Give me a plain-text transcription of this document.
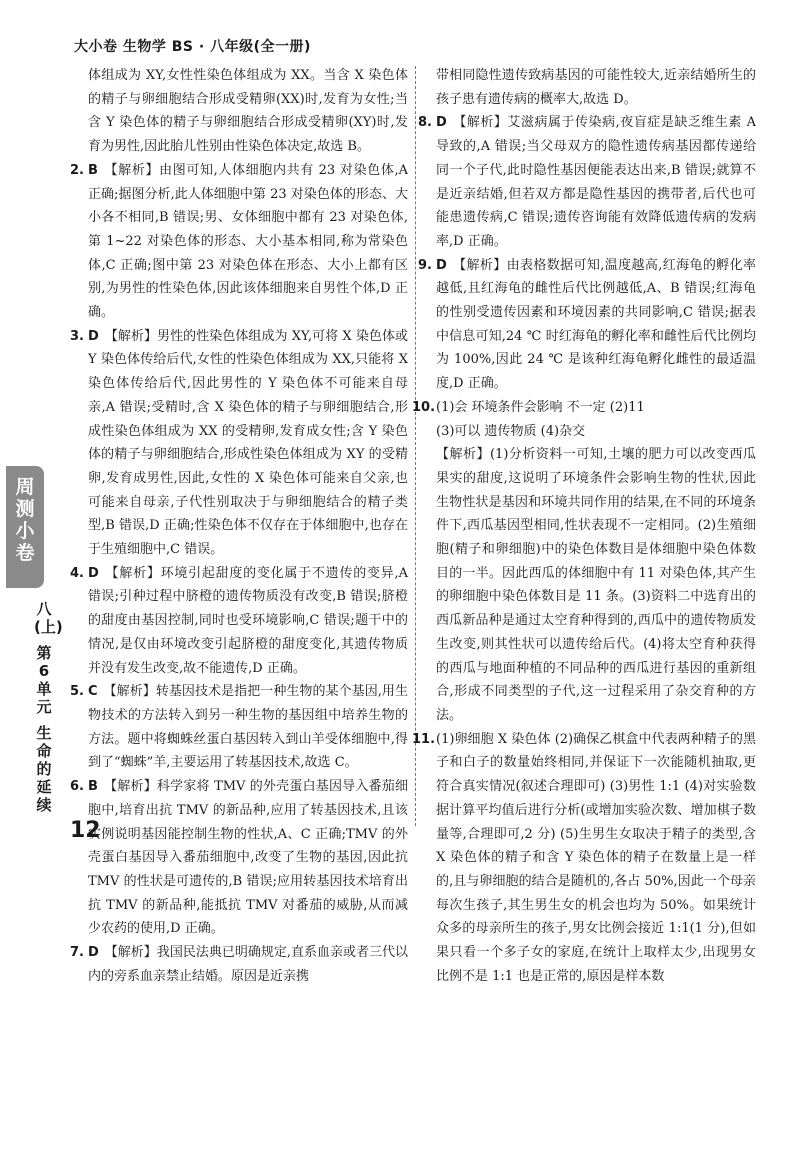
大小卷 生物学 BS · 八年级(全一册)
周测小卷
八(上)
第6单元
生命的延续

体组成为 XY,女性性染色体组成为 XX。当含 X 染色体的精子与卵细胞结合形成受精卵(XX)时,发育为女性;当含 Y 染色体的精子与卵细胞结合形成受精卵(XY)时,发育为男性,因此胎儿性别由性染色体决定,故选 B。

2. B 【解析】由图可知,人体细胞内共有 23 对染色体,A 正确;据图分析,此人体细胞中第 23 对染色体的形态、大小各不相同,B 错误;男、女体细胞中都有 23 对染色体,第 1~22 对染色体的形态、大小基本相同,称为常染色体,C 正确;图中第 23 对染色体在形态、大小上都有区别,为男性的性染色体,因此该体细胞来自男性个体,D 正确。

3. D 【解析】男性的性染色体组成为 XY,可将 X 染色体或 Y 染色体传给后代,女性的性染色体组成为 XX,只能将 X 染色体传给后代,因此男性的 Y 染色体不可能来自母亲,A 错误;受精时,含 X 染色体的精子与卵细胞结合,形成性染色体组成为 XX 的受精卵,发育成女性;含 Y 染色体的精子与卵细胞结合,形成性染色体组成为 XY 的受精卵,发育成男性,因此,女性的 X 染色体可能来自父亲,也可能来自母亲,子代性别取决于与卵细胞结合的精子类型,B 错误,D 正确;性染色体不仅存在于体细胞中,也存在于生殖细胞中,C 错误。

4. D 【解析】环境引起甜度的变化属于不遗传的变异,A 错误;引种过程中脐橙的遗传物质没有改变,B 错误;脐橙的甜度由基因控制,同时也受环境影响,C 错误;题干中的情况,是仅由环境改变引起脐橙的甜度变化,其遗传物质并没有发生改变,故不能遗传,D 正确。

5. C 【解析】转基因技术是指把一种生物的某个基因,用生物技术的方法转入到另一种生物的基因组中培养生物的方法。题中将蜘蛛丝蛋白基因转入到山羊受体细胞中,得到了“蜘蛛”羊,主要运用了转基因技术,故选 C。

6. B 【解析】科学家将 TMV 的外壳蛋白基因导入番茄细胞中,培育出抗 TMV 的新品种,应用了转基因技术,且该实例说明基因能控制生物的性状,A、C 正确;TMV 的外壳蛋白基因导入番茄细胞中,改变了生物的基因,因此抗 TMV 的性状是可遗传的,B 错误;应用转基因技术培育出抗 TMV 的新品种,能抵抗 TMV 对番茄的威胁,从而减少农药的使用,D 正确。

7. D 【解析】我国民法典已明确规定,直系血亲或者三代以内的旁系血亲禁止结婚。原因是近亲携

带相同隐性遗传致病基因的可能性较大,近亲结婚所生的孩子患有遗传病的概率大,故选 D。

8. D 【解析】艾滋病属于传染病,夜盲症是缺乏维生素 A 导致的,A 错误;当父母双方的隐性遗传病基因都传递给同一个子代,此时隐性基因便能表达出来,B 错误;就算不是近亲结婚,但若双方都是隐性基因的携带者,后代也可能患遗传病,C 错误;遗传咨询能有效降低遗传病的发病率,D 正确。

9. D 【解析】由表格数据可知,温度越高,红海龟的孵化率越低,且红海龟的雌性后代比例越低,A、B 错误;红海龟的性别受遗传因素和环境因素的共同影响,C 错误;据表中信息可知,24 ℃ 时红海龟的孵化率和雌性后代比例均为 100%,因此 24 ℃ 是该种红海龟孵化雌性的最适温度,D 正确。

10. (1)会 环境条件会影响 不一定 (2)11

(3)可以 遗传物质 (4)杂交

【解析】(1)分析资料一可知,土壤的肥力可以改变西瓜果实的甜度,这说明了环境条件会影响生物的性状,因此生物性状是基因和环境共同作用的结果,在不同的环境条件下,西瓜基因型相同,性状表现不一定相同。(2)生殖细胞(精子和卵细胞)中的染色体数目是体细胞中染色体数目的一半。因此西瓜的体细胞中有 11 对染色体,其产生的卵细胞中染色体数目是 11 条。(3)资料二中选育出的西瓜新品种是通过太空育种得到的,西瓜中的遗传物质发生改变,则其性状可以遗传给后代。(4)将太空育种获得的西瓜与地面种植的不同品种的西瓜进行基因的重新组合,形成不同类型的子代,这一过程采用了杂交育种的方法。

11. (1)卵细胞 X 染色体 (2)确保乙棋盒中代表两种精子的黑子和白子的数量始终相同,并保证下一次能随机抽取,更符合真实情况(叙述合理即可) (3)男性 1:1 (4)对实验数据计算平均值后进行分析(或增加实验次数、增加棋子数量等,合理即可,2 分) (5)生男生女取决于精子的类型,含 X 染色体的精子和含 Y 染色体的精子在数量上是一样的,且与卵细胞的结合是随机的,各占 50%,因此一个母亲每次生孩子,其生男生女的机会也均为 50%。如果统计众多的母亲所生的孩子,男女比例会接近 1:1(1 分),但如果只看一个多子女的家庭,在统计上取样太少,出现男女比例不是 1:1 也是正常的,原因是样本数

12
